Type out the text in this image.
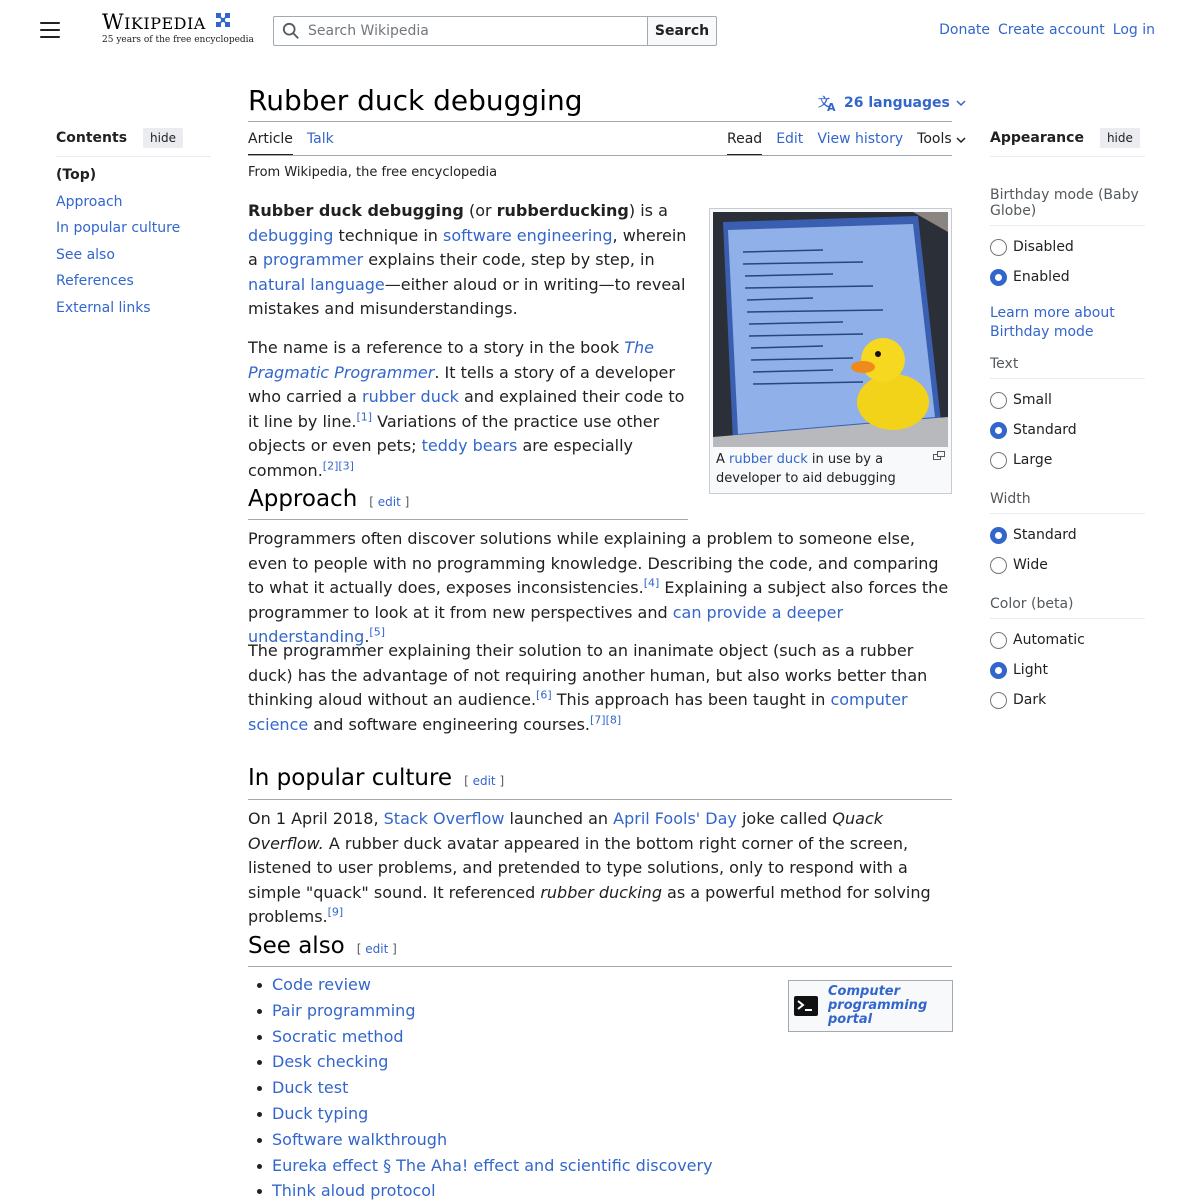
WIKIPEDIA
25 years of the free encyclopedia
Search Wikipedia
Search	Donate Create account Log in
Contents	hide
(Top)
Approach
In popular culture
See also
References
External links
Rubber duck debugging	文
A 26 languages
Article Talk	Read Edit View history Tools
From Wikipedia, the free encyclopedia

Rubber duck debugging (or rubberducking) is a debugging technique in software engineering, wherein a programmer explains their code, step by step, in natural language—either aloud or in writing—to reveal mistakes and misunderstandings.

The name is a reference to a story in the book The Pragmatic Programmer. It tells a story of a developer who carried a rubber duck and explained their code to it line by line.[1] Variations of the practice use other objects or even pets; teddy bears are especially common.[2][3]	A rubber duck in use by a developer to aid debugging
Approach [ edit ]

Programmers often discover solutions while explaining a problem to someone else, even to people with no programming knowledge. Describing the code, and comparing to what it actually does, exposes inconsistencies.[4] Explaining a subject also forces the programmer to look at it from new perspectives and can provide a deeper understanding.[5]

The programmer explaining their solution to an inanimate object (such as a rubber duck) has the advantage of not requiring another human, but also works better than thinking aloud without an audience.[6] This approach has been taught in computer science and software engineering courses.[7][8]

In popular culture [ edit ]

On 1 April 2018, Stack Overflow launched an April Fools' Day joke called Quack Overflow. A rubber duck avatar appeared in the bottom right corner of the screen, listened to user problems, and pretended to type solutions, only to respond with a simple "quack" sound. It referenced rubber ducking as a powerful method for solving problems.[9]

See also [ edit ]
Code review
Pair programming
Socratic method
Desk checking
Duck test
Duck typing
Software walkthrough
Eureka effect § The Aha! effect and scientific discovery
Think aloud protocol
Computer programming portal
Appearance	hide
Birthday mode (Baby Globe)
Disabled
Enabled
Learn more about Birthday mode
Text
Small
Standard
Large
Width
Standard
Wide
Color (beta)
Automatic
Light
Dark
